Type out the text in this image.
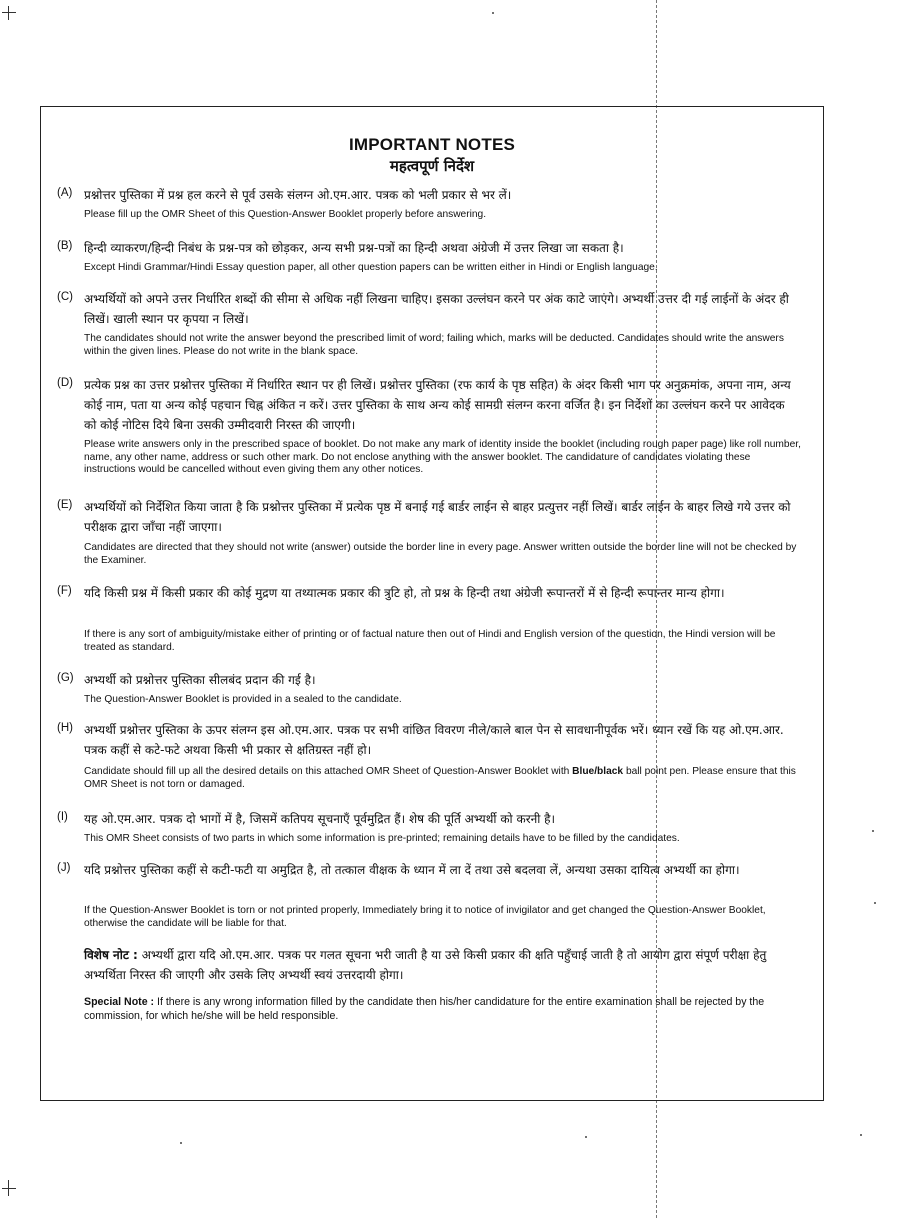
IMPORTANT NOTES
महत्वपूर्ण निर्देश
(A) प्रश्नोत्तर पुस्तिका में प्रश्न हल करने से पूर्व उसके संलग्न ओ.एम.आर. पत्रक को भली प्रकार से भर लें।
Please fill up the OMR Sheet of this Question-Answer Booklet properly before answering.
(B) हिन्दी व्याकरण/हिन्दी निबंध के प्रश्न-पत्र को छोड़कर, अन्य सभी प्रश्न-पत्रों का हिन्दी अथवा अंग्रेजी में उत्तर लिखा जा सकता है।
Except Hindi Grammar/Hindi Essay question paper, all other question papers can be written either in Hindi or English language.
(C) अभ्यर्थियों को अपने उत्तर निर्धारित शब्दों की सीमा से अधिक नहीं लिखना चाहिए। इसका उल्लंघन करने पर अंक काटे जाएंगे। अभ्यर्थी उत्तर दी गई लाईनों के अंदर ही लिखें। खाली स्थान पर कृपया न लिखें।
The candidates should not write the answer beyond the prescribed limit of word; failing which, marks will be deducted. Candidates should write the answers within the given lines. Please do not write in the blank space.
(D) प्रत्येक प्रश्न का उत्तर प्रश्नोत्तर पुस्तिका में निर्धारित स्थान पर ही लिखें। प्रश्नोत्तर पुस्तिका (रफ कार्य के पृष्ठ सहित) के अंदर किसी भाग पर अनुक्रमांक, अपना नाम, अन्य कोई नाम, पता या अन्य कोई पहचान चिह्न अंकित न करें। उत्तर पुस्तिका के साथ अन्य कोई सामग्री संलग्न करना वर्जित है। इन निर्देशों का उल्लंघन करने पर आवेदक को कोई नोटिस दिये बिना उसकी उम्मीदवारी निरस्त की जाएगी।
Please write answers only in the prescribed space of booklet. Do not make any mark of identity inside the booklet (including rough paper page) like roll number, name, any other name, address or such other mark. Do not enclose anything with the answer booklet. The candidature of candidates violating these instructions would be cancelled without even giving them any other notices.
(E) अभ्यर्थियों को निर्देशित किया जाता है कि प्रश्नोत्तर पुस्तिका में प्रत्येक पृष्ठ में बनाई गई बार्डर लाईन से बाहर प्रत्युत्तर नहीं लिखें। बार्डर लाईन के बाहर लिखे गये उत्तर को परीक्षक द्वारा जाँचा नहीं जाएगा।
Candidates are directed that they should not write (answer) outside the border line in every page. Answer written outside the border line will not be checked by the Examiner.
(F) यदि किसी प्रश्न में किसी प्रकार की कोई मुद्रण या तथ्यात्मक प्रकार की त्रुटि हो, तो प्रश्न के हिन्दी तथा अंग्रेजी रूपान्तरों में से हिन्दी रूपान्तर मान्य होगा।
If there is any sort of ambiguity/mistake either of printing or of factual nature then out of Hindi and English version of the question, the Hindi version will be treated as standard.
(G) अभ्यर्थी को प्रश्नोत्तर पुस्तिका सीलबंद प्रदान की गई है।
The Question-Answer Booklet is provided in a sealed to the candidate.
(H) अभ्यर्थी प्रश्नोत्तर पुस्तिका के ऊपर संलग्न इस ओ.एम.आर. पत्रक पर सभी वांछित विवरण नीले/काले बाल पेन से सावधानीपूर्वक भरें। ध्यान रखें कि यह ओ.एम.आर. पत्रक कहीं से कटे-फटे अथवा किसी भी प्रकार से क्षतिग्रस्त नहीं हो।
Candidate should fill up all the desired details on this attached OMR Sheet of Question-Answer Booklet with Blue/black ball point pen. Please ensure that this OMR Sheet is not torn or damaged.
(I) यह ओ.एम.आर. पत्रक दो भागों में है, जिसमें कतिपय सूचनाएँ पूर्वमुद्रित हैं। शेष की पूर्ति अभ्यर्थी को करनी है।
This OMR Sheet consists of two parts in which some information is pre-printed; remaining details have to be filled by the candidates.
(J) यदि प्रश्नोत्तर पुस्तिका कहीं से कटी-फटी या अमुद्रित है, तो तत्काल वीक्षक के ध्यान में ला दें तथा उसे बदलवा लें, अन्यथा उसका दायित्व अभ्यर्थी का होगा।
If the Question-Answer Booklet is torn or not printed properly, Immediately bring it to notice of invigilator and get changed the Question-Answer Booklet, otherwise the candidate will be liable for that.
विशेष नोट : अभ्यर्थी द्वारा यदि ओ.एम.आर. पत्रक पर गलत सूचना भरी जाती है या उसे किसी प्रकार की क्षति पहुँचाई जाती है तो आयोग द्वारा संपूर्ण परीक्षा हेतु अभ्यर्थिता निरस्त की जाएगी और उसके लिए अभ्यर्थी स्वयं उत्तरदायी होगा।
Special Note : If there is any wrong information filled by the candidate then his/her candidature for the entire examination shall be rejected by the commission, for which he/she will be held responsible.
